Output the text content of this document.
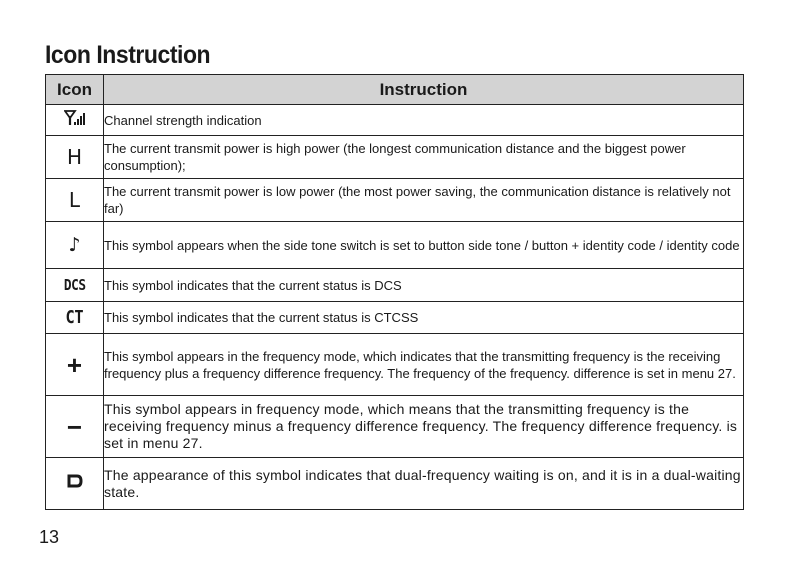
Icon Instruction
Icon	Instruction
	Channel strength indication
H	The current transmit power is high power (the longest communication distance and the biggest power consumption);
L	The current transmit power is low power (the most power saving, the communication distance is relatively not far)
♪	This symbol appears when the side tone switch is set to button side tone / button + identity code / identity code
DCS	This symbol indicates that the current status is DCS
CT	This symbol indicates that the current status is CTCSS
+	This symbol appears in the frequency mode, which indicates that the transmitting frequency is the receiving frequency plus a frequency difference frequency. The frequency of the frequency. difference is set in menu 27.
−	This symbol appears in frequency mode, which means that the transmitting frequency is the receiving frequency minus a frequency difference frequency. The frequency difference frequency. is set in menu 27.
	The appearance of this symbol indicates that dual-frequency waiting is on, and it is in a dual-waiting state.
13
